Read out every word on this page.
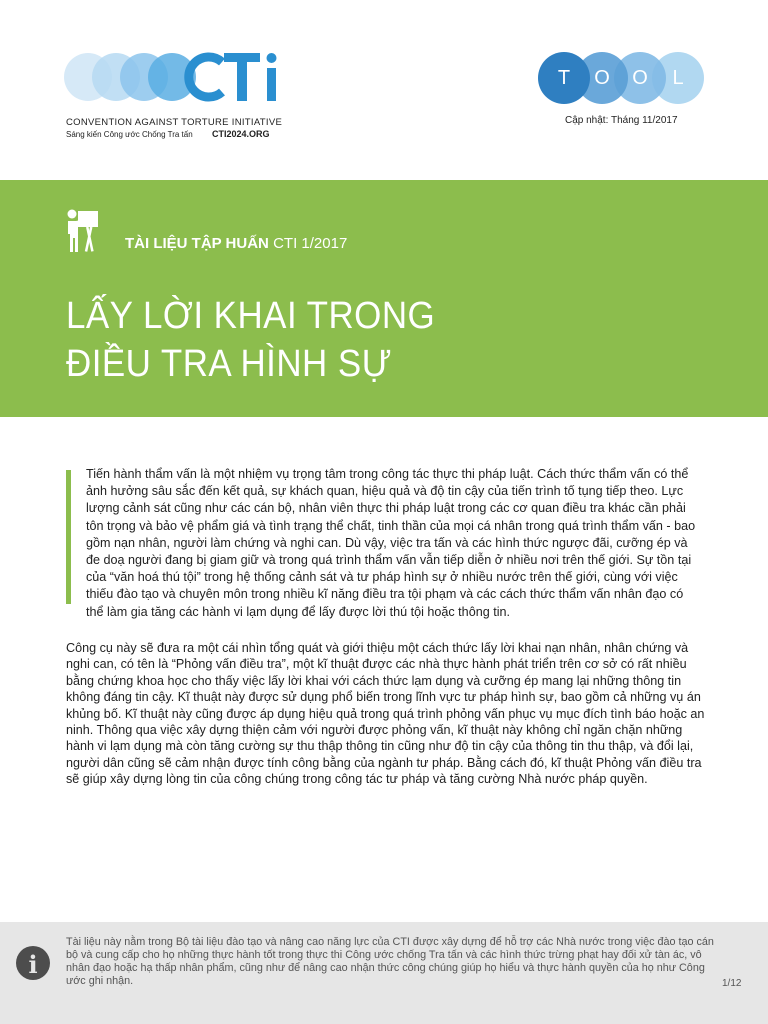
CONVENTION AGAINST TORTURE INITIATIVE
Sáng kiến Công ước Chống Tra tấn CTI2024.ORG
T	O	O	L
Cập nhật: Tháng 11/2017
TÀI LIỆU TẬP HUẤN CTI 1/2017
LẤY LỜI KHAI TRONG
ĐIỀU TRA HÌNH SỰ
Tiến hành thẩm vấn là một nhiệm vụ trọng tâm trong công tác thực thi pháp luật. Cách thức thẩm vấn có thể ảnh hưởng sâu sắc đến kết quả, sự khách quan, hiệu quả và độ tin cậy của tiến trình tố tụng tiếp theo. Lực lượng cảnh sát cũng như các cán bộ, nhân viên thực thi pháp luật trong các cơ quan điều tra khác cần phải tôn trọng và bảo vệ phẩm giá và tình trạng thể chất, tinh thần của mọi cá nhân trong quá trình thẩm vấn - bao gồm nạn nhân, người làm chứng và nghi can. Dù vậy, việc tra tấn và các hình thức ngược đãi, cưỡng ép và đe doạ người đang bị giam giữ và trong quá trình thẩm vấn vẫn tiếp diễn ở nhiều nơi trên thế giới. Sự tồn tại của “văn hoá thú tội” trong hệ thống cảnh sát và tư pháp hình sự ở nhiều nước trên thế giới, cùng với việc thiếu đào tạo và chuyên môn trong nhiều kĩ năng điều tra tội phạm và các cách thức thẩm vấn nhân đạo có thể làm gia tăng các hành vi lạm dụng để lấy được lời thú tội hoặc thông tin.
Công cụ này sẽ đưa ra một cái nhìn tổng quát và giới thiệu một cách thức lấy lời khai nạn nhân, nhân chứng và nghi can, có tên là “Phỏng vấn điều tra”, một kĩ thuật được các nhà thực hành phát triển trên cơ sở có rất nhiều bằng chứng khoa học cho thấy việc lấy lời khai với cách thức lạm dụng và cưỡng ép mang lại những thông tin không đáng tin cậy. Kĩ thuật này được sử dụng phổ biến trong lĩnh vực tư pháp hình sự, bao gồm cả những vụ án khủng bố. Kĩ thuật này cũng được áp dụng hiệu quả trong quá trình phỏng vấn phục vụ mục đích tình báo hoặc an ninh. Thông qua việc xây dựng thiện cảm với người được phỏng vấn, kĩ thuật này không chỉ ngăn chặn những hành vi lạm dụng mà còn tăng cường sự thu thập thông tin cũng như độ tin cậy của thông tin thu thập, và đổi lại, người dân cũng sẽ cảm nhận được tính công bằng của ngành tư pháp. Bằng cách đó, kĩ thuật Phỏng vấn điều tra sẽ giúp xây dựng lòng tin của công chúng trong công tác tư pháp và tăng cường Nhà nước pháp quyền.
i
Tài liệu này nằm trong Bộ tài liệu đào tạo và nâng cao năng lực của CTI được xây dựng để hỗ trợ các Nhà nước trong việc đào tạo cán bộ và cung cấp cho họ những thực hành tốt trong thực thi Công ước chống Tra tấn và các hình thức trừng phạt hay đối xử tàn ác, vô nhân đạo hoặc hạ thấp nhân phẩm, cũng như để nâng cao nhận thức công chúng giúp họ hiểu và thực hành quyền của họ như Công ước ghi nhận.	1/12
